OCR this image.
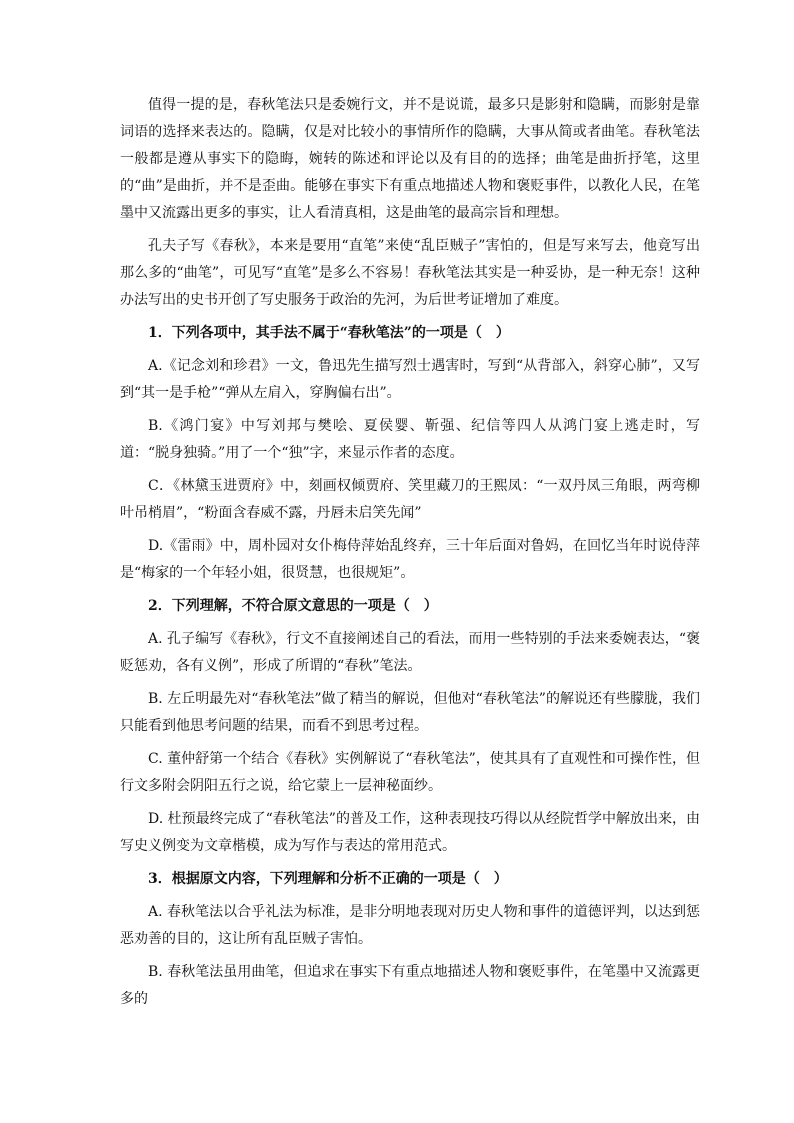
值得一提的是，春秋笔法只是委婉行文，并不是说谎，最多只是影射和隐瞒，而影射是靠词语的选择来表达的。隐瞒，仅是对比较小的事情所作的隐瞒，大事从简或者曲笔。春秋笔法一般都是遵从事实下的隐晦，婉转的陈述和评论以及有目的的选择；曲笔是曲折抒笔，这里的“曲”是曲折，并不是歪曲。能够在事实下有重点地描述人物和褒贬事件，以教化人民，在笔墨中又流露出更多的事实，让人看清真相，这是曲笔的最高宗旨和理想。

孔夫子写《春秋》，本来是要用“直笔”来使“乱臣贼子”害怕的，但是写来写去，他竟写出那么多的“曲笔”，可见写“直笔”是多么不容易！春秋笔法其实是一种妥协，是一种无奈！这种办法写出的史书开创了写史服务于政治的先河，为后世考证增加了难度。

1．下列各项中，其手法不属于“春秋笔法”的一项是（　）

A.《记念刘和珍君》一文，鲁迅先生描写烈士遇害时，写到“从背部入，斜穿心肺”，又写到“其一是手枪”“弹从左肩入，穿胸偏右出”。

B.《鸿门宴》中写刘邦与樊哙、夏侯婴、靳强、纪信等四人从鸿门宴上逃走时，写道：“脱身独骑。”用了一个“独”字，来显示作者的态度。

C．《林黛玉进贾府》中，刻画权倾贾府、笑里藏刀的王熙凤：“一双丹凤三角眼，两弯柳叶吊梢眉”，“粉面含春威不露，丹唇未启笑先闻”

D.《雷雨》中，周朴园对女仆梅侍萍始乱终弃，三十年后面对鲁妈，在回忆当年时说侍萍是“梅家的一个年轻小姐，很贤慧，也很规矩”。

2．下列理解，不符合原文意思的一项是（　）

A. 孔子编写《春秋》，行文不直接阐述自己的看法，而用一些特别的手法来委婉表达，“褒贬惩劝，各有义例”，形成了所谓的“春秋”笔法。

B. 左丘明最先对“春秋笔法”做了精当的解说，但他对“春秋笔法”的解说还有些朦胧，我们只能看到他思考问题的结果，而看不到思考过程。

C. 董仲舒第一个结合《春秋》实例解说了“春秋笔法”，使其具有了直观性和可操作性，但行文多附会阴阳五行之说，给它蒙上一层神秘面纱。

D. 杜预最终完成了“春秋笔法”的普及工作，这种表现技巧得以从经院哲学中解放出来，由写史义例变为文章楷模，成为写作与表达的常用范式。

3．根据原文内容，下列理解和分析不正确的一项是（　）

A. 春秋笔法以合乎礼法为标准，是非分明地表现对历史人物和事件的道德评判，以达到惩恶劝善的目的，这让所有乱臣贼子害怕。

B. 春秋笔法虽用曲笔，但追求在事实下有重点地描述人物和褒贬事件，在笔墨中又流露更多的
